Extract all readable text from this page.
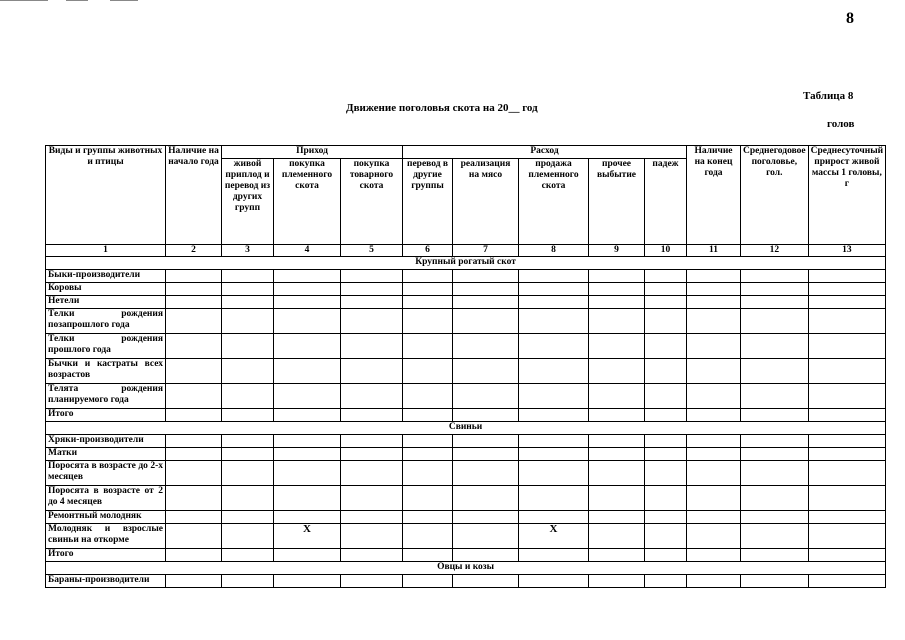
8
Таблица 8
Движение поголовья скота на 20__ год
голов
Виды и группы животных и птицы	Наличие на начало года	Приход			Расход					Наличие на конец года	Среднегодовое поголовье, гол.	Среднесуточный прирост живой массы 1 головы, г
		живой приплод и перевод из других групп	покупка племенного скота	покупка товарного скота	перевод в другие группы	реализация на мясо	продажа племенного скота	прочее выбытие	падеж			
1	2	3	4	5	6	7	8	9	10	11	12	13
Крупный рогатый скот												
Быки-производители												
Коровы												
Нетели												
Телки рождения позапрошлого года												
Телки рождения прошлого года												
Бычки и кастраты всех возрастов												
Телята рождения планируемого года												
Итого												
Свиньи												
Хряки-производители												
Матки												
Поросята в возрасте до 2-х месяцев												
Поросята в возрасте от 2 до 4 месяцев												
Ремонтный молодняк												
Молодняк и взрослые свиньи на откорме			Х				Х					
Итого												
Овцы и козы												
Бараны-производители												
